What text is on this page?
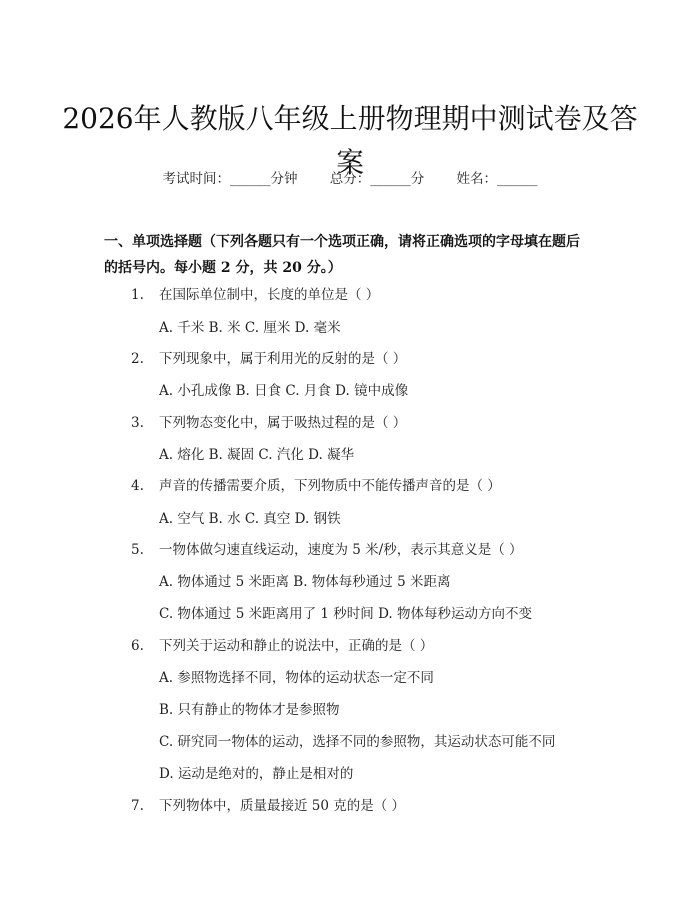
2026年人教版八年级上册物理期中测试卷及答案
考试时间：______分钟 总分：______分 姓名：______
一、单项选择题（下列各题只有一个选项正确，请将正确选项的字母填在题后的括号内。每小题 2 分，共 20 分。）
1. 在国际单位制中，长度的单位是（ ）
A. 千米 B. 米 C. 厘米 D. 毫米
2. 下列现象中，属于利用光的反射的是（ ）
A. 小孔成像 B. 日食 C. 月食 D. 镜中成像
3. 下列物态变化中，属于吸热过程的是（ ）
A. 熔化 B. 凝固 C. 汽化 D. 凝华
4. 声音的传播需要介质，下列物质中不能传播声音的是（ ）
A. 空气 B. 水 C. 真空 D. 钢铁
5. 一物体做匀速直线运动，速度为 5 米/秒，表示其意义是（ ）
A. 物体通过 5 米距离 B. 物体每秒通过 5 米距离
C. 物体通过 5 米距离用了 1 秒时间 D. 物体每秒运动方向不变
6. 下列关于运动和静止的说法中，正确的是（ ）
A. 参照物选择不同，物体的运动状态一定不同
B. 只有静止的物体才是参照物
C. 研究同一物体的运动，选择不同的参照物，其运动状态可能不同
D. 运动是绝对的，静止是相对的
7. 下列物体中，质量最接近 50 克的是（ ）
